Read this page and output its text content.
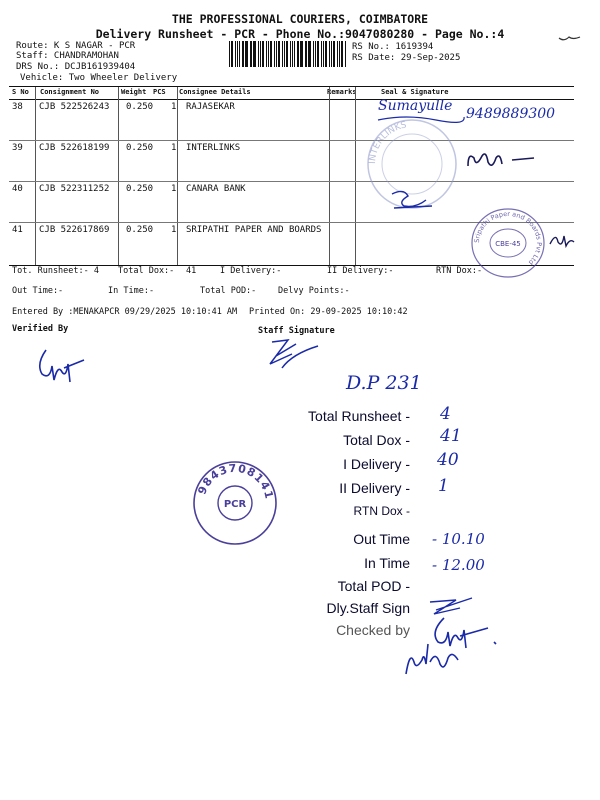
THE PROFESSIONAL COURIERS, COIMBATORE
Delivery Runsheet - PCR - Phone No.:9047080280 - Page No.:4
Route: K S NAGAR - PCR
Staff: CHANDRAMOHAN
DRS No.: DCJB161939404
Vehicle: Two Wheeler Delivery
RS No.: 1619394
RS Date: 29-Sep-2025
S No Consignment No	Weight PCS Consignee Details	Remarks	Seal & Signature
38 CJB 522526243 0.250 1 RAJASEKAR
39 CJB 522618199 0.250 1 INTERLINKS
40 CJB 522311252 0.250 1 CANARA BANK
41 CJB 522617869 0.250 1 SRIPATHI PAPER AND BOARDS
Sumayulle 9489889300
INTERLINKS
Sripathi Paper and Boards Pvt Ltd
CBE-45
Tot. Runsheet:- 4 Total Dox:- 41	I Delivery:-	II Delivery:-	RTN Dox:-
Out Time:-	In Time:-	Total POD:-	Delvy Points:-
Entered By :MENAKAPCR 09/29/2025 10:10:41 AM Printed On: 29-09-2025 10:10:42
Verified By	Staff Signature
D.P 231
Total Runsheet - 4
Total Dox - 41
I Delivery - 40
II Delivery - 1
RTN Dox -
Out Time - 10.10
In Time - 12.00
Total POD -
Dly.Staff Sign
Checked by
9843708141
PCR
